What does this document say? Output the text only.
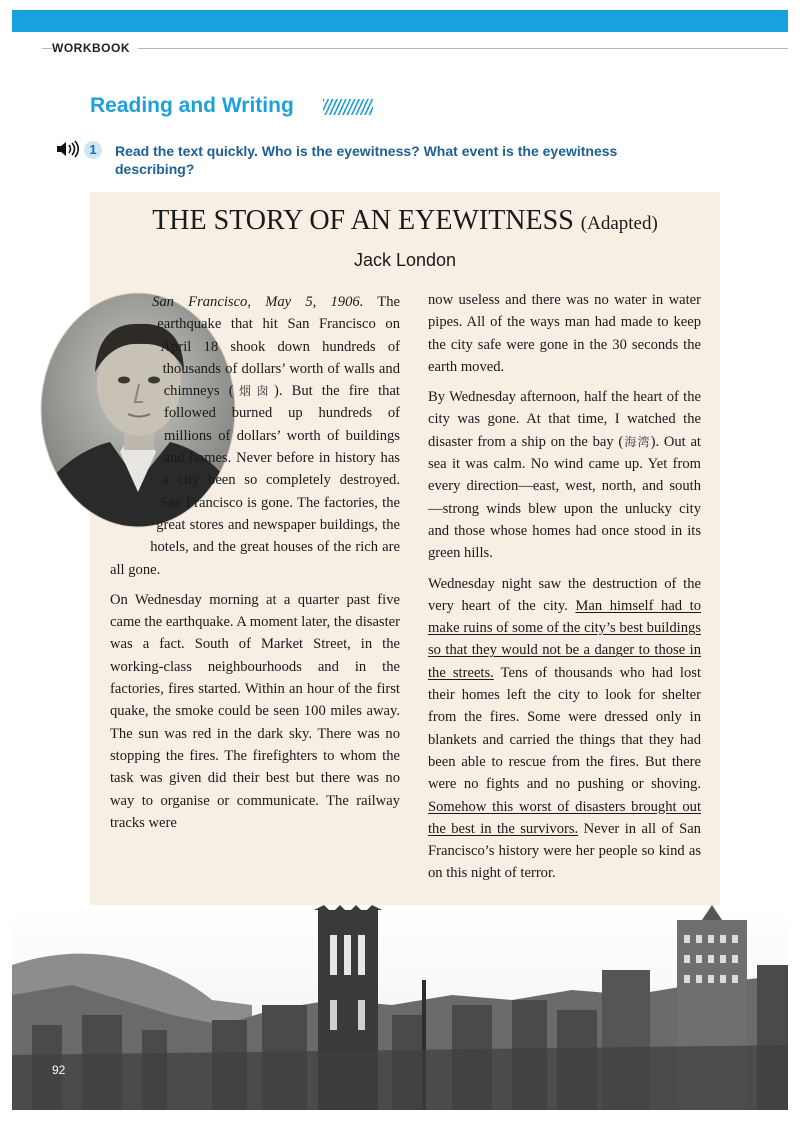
WORKBOOK
Reading and Writing
1	Read the text quickly. Who is the eyewitness? What event is the eyewitness describing?
THE STORY OF AN EYEWITNESS (Adapted)
Jack London

San Francisco, May 5, 1906. The earthquake that hit San Francisco on April 18 shook down hundreds of thousands of dollars’ worth of walls and chimneys (烟囱). But the fire that followed burned up hundreds of millions of dollars’ worth of buildings and homes. Never before in history has a city been so completely destroyed. San Francisco is gone. The factories, the great stores and newspaper buildings, the hotels, and the great houses of the rich are all gone.

On Wednesday morning at a quarter past five came the earthquake. A moment later, the disaster was a fact. South of Market Street, in the working-class neighbourhoods and in the factories, fires started. Within an hour of the first quake, the smoke could be seen 100 miles away. The sun was red in the dark sky. There was no stopping the fires. The firefighters to whom the task was given did their best but there was no way to organise or communicate. The railway tracks were

now useless and there was no water in water pipes. All of the ways man had made to keep the city safe were gone in the 30 seconds the earth moved.

By Wednesday afternoon, half the heart of the city was gone. At that time, I watched the disaster from a ship on the bay (海湾). Out at sea it was calm. No wind came up. Yet from every direction—east, west, north, and south—strong winds blew upon the unlucky city and those whose homes had once stood in its green hills.

Wednesday night saw the destruction of the very heart of the city. Man himself had to make ruins of some of the city’s best buildings so that they would not be a danger to those in the streets. Tens of thousands who had lost their homes left the city to look for shelter from the fires. Some were dressed only in blankets and carried the things that they had been able to rescue from the fires. But there were no fights and no pushing or shoving. Somehow this worst of disasters brought out the best in the survivors. Never in all of San Francisco’s history were her people so kind as on this night of terror.

92
